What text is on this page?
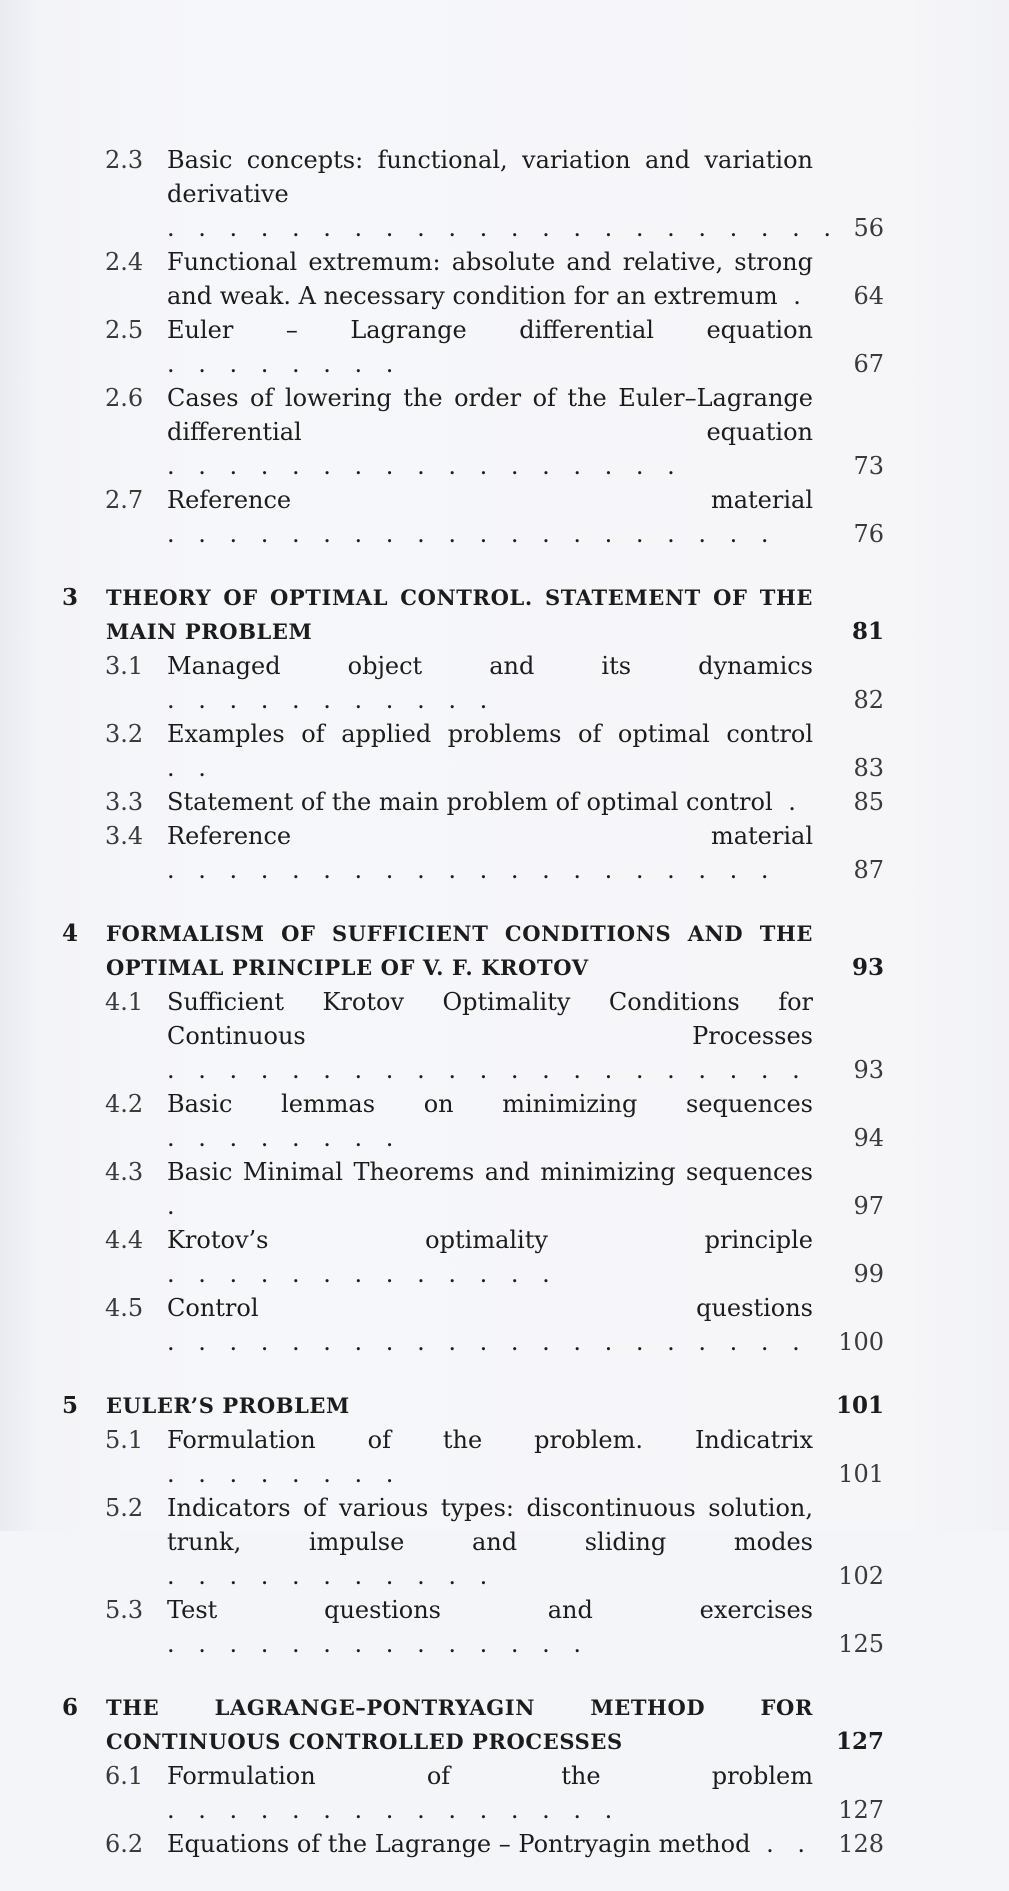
2.3 Basic concepts: functional, variation and variation derivative . . . . . . . . . . . . . . . . . . . . . . 56
2.4 Functional extremum: absolute and relative, strong and weak. A necessary condition for an extremum .	64
2.5 Euler – Lagrange differential equation . . . . . . . .	67
2.6 Cases of lowering the order of the Euler–Lagrange differential equation . . . . . . . . . . . . . . . . .	73
2.7 Reference material . . . . . . . . . . . . . . . . . . . .	76
3	THEORY OF OPTIMAL CONTROL. STATEMENT OF THE MAIN PROBLEM	81
3.1 Managed object and its dynamics . . . . . . . . . . .	82
3.2 Examples of applied problems of optimal control . .	83
3.3 Statement of the main problem of optimal control .	85
3.4 Reference material . . . . . . . . . . . . . . . . . . . .	87
4	FORMALISM OF SUFFICIENT CONDITIONS AND THE OPTIMAL PRINCIPLE OF V. F. KROTOV	93
4.1 Sufficient Krotov Optimality Conditions for Continuous Processes . . . . . . . . . . . . . . . . . . . . .	93
4.2 Basic lemmas on minimizing sequences . . . . . . . .	94
4.3 Basic Minimal Theorems and minimizing sequences .	97
4.4 Krotov’s optimality principle . . . . . . . . . . . . .	99
4.5 Control questions . . . . . . . . . . . . . . . . . . . . .	100
5	EULER’S PROBLEM	101
5.1 Formulation of the problem. Indicatrix . . . . . . . .	101
5.2 Indicators of various types: discontinuous solution, trunk, impulse and sliding modes . . . . . . . . . . .	102
5.3 Test questions and exercises . . . . . . . . . . . . . .	125
6	THE LAGRANGE–PONTRYAGIN METHOD FOR CONTINUOUS CONTROLLED PROCESSES	127
6.1 Formulation of the problem . . . . . . . . . . . . . . .	127
6.2 Equations of the Lagrange – Pontryagin method . .	128
